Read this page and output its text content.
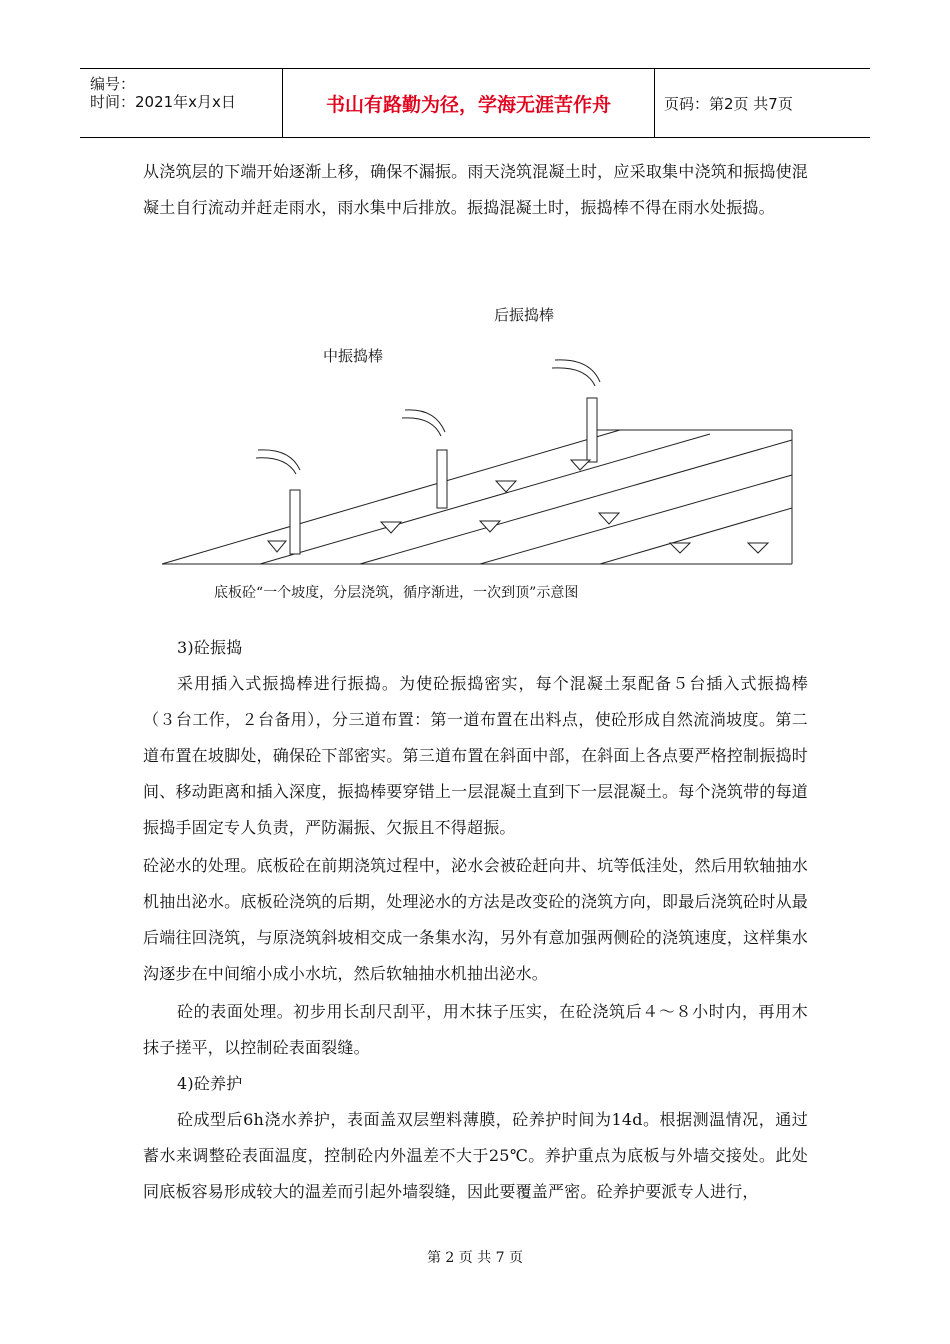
编号：
时间：2021年x月x日	书山有路勤为径，学海无涯苦作舟	页码：第2页 共7页
从浇筑层的下端开始逐渐上移，确保不漏振。雨天浇筑混凝土时，应采取集中浇筑和振捣使混凝土自行流动并赶走雨水，雨水集中后排放。振捣混凝土时，振捣棒不得在雨水处振捣。
后振捣棒
中振捣棒
底板砼“一个坡度，分层浇筑，循序渐进，一次到顶”示意图
3)砼振捣
采用插入式振捣棒进行振捣。为使砼振捣密实，每个混凝土泵配备５台插入式振捣棒（３台工作，２台备用），分三道布置：第一道布置在出料点，使砼形成自然流淌坡度。第二道布置在坡脚处，确保砼下部密实。第三道布置在斜面中部，在斜面上各点要严格控制振捣时间、移动距离和插入深度，振捣棒要穿错上一层混凝土直到下一层混凝土。每个浇筑带的每道振捣手固定专人负责，严防漏振、欠振且不得超振。
砼泌水的处理。底板砼在前期浇筑过程中，泌水会被砼赶向井、坑等低洼处，然后用软轴抽水机抽出泌水。底板砼浇筑的后期，处理泌水的方法是改变砼的浇筑方向，即最后浇筑砼时从最后端往回浇筑，与原浇筑斜坡相交成一条集水沟，另外有意加强两侧砼的浇筑速度，这样集水沟逐步在中间缩小成小水坑，然后软轴抽水机抽出泌水。
砼的表面处理。初步用长刮尺刮平，用木抹子压实，在砼浇筑后４～８小时内，再用木抹子搓平，以控制砼表面裂缝。
4)砼养护
砼成型后6h浇水养护，表面盖双层塑料薄膜，砼养护时间为14d。根据测温情况，通过蓄水来调整砼表面温度，控制砼内外温差不大于25℃。养护重点为底板与外墙交接处。此处同底板容易形成较大的温差而引起外墙裂缝，因此要覆盖严密。砼养护要派专人进行，
第 2 页 共 7 页
